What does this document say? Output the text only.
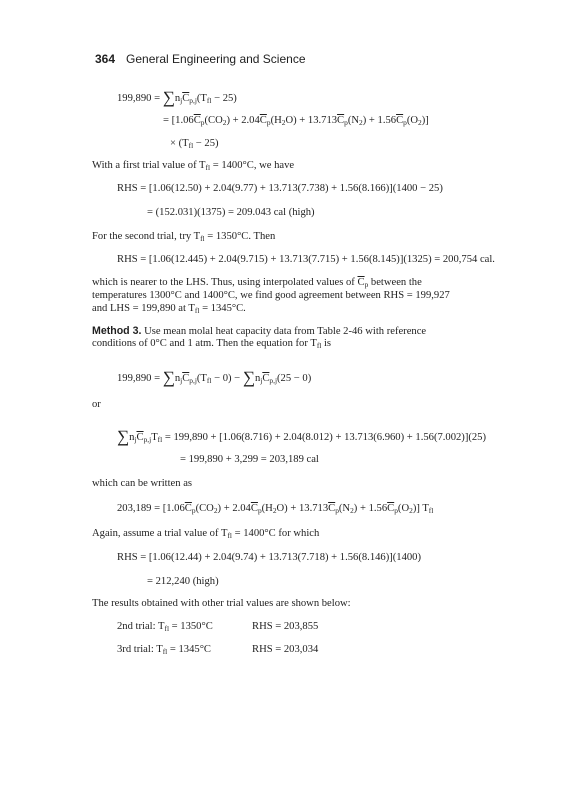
364 General Engineering and Science
$199,890 = \sum n_j\overline{C}_{p,j}(T_{fl} - 25)$
= $[1.06\overline{C}_p(CO_2) + 2.04\overline{C}_p(H_2O) + 13.713\overline{C}_p(N_2) + 1.56\overline{C}_p(O_2)]$
× $(T_{fl} - 25)$
With a first trial value of $T_{fl} = 1400^\circ C$, we have
RHS = [1.06(12.50) + 2.04(9.77) + 13.713(7.738) + 1.56(8.166)](1400 − 25)
= (152.031)(1375) = 209.043 cal (high)
For the second trial, try $T_{fl} = 1350^\circ C$. Then
RHS = [1.06(12.445) + 2.04(9.715) + 13.713(7.715) + 1.56(8.145)](1325) = 200,754 cal.
which is nearer to the LHS. Thus, using interpolated values of $\overline{C}_p$ between the
temperatures 1300°C and 1400°C, we find good agreement between RHS = 199,927
and LHS = 199,890 at $T_{fl} = 1345^\circ C$.
Method 3. Use mean molal heat capacity data from Table 2-46 with reference
conditions of 0°C and 1 atm. Then the equation for $T_{fl}$ is
$199,890 = \sum n_j\overline{C}_{p,j}(T_{fl} - 0) - \sum n_j\overline{C}_{p,j}(25 - 0)$
or
$\sum n_j\overline{C}_{p,j}T_{fl} = 199,890 + [1.06(8.716) + 2.04(8.012) + 13.713(6.960) + 1.56(7.002)](25)$
= 199,890 + 3,299 = 203,189 cal
which can be written as
$203,189 = [1.06\overline{C}_p(CO_2) + 2.04\overline{C}_p(H_2O) + 13.713\overline{C}_p(N_2) + 1.56\overline{C}_p(O_2)]$ $T_{fl}$
Again, assume a trial value of $T_{fl} = 1400^\circ C$ for which
RHS = [1.06(12.44) + 2.04(9.74) + 13.713(7.718) + 1.56(8.146)](1400)
= 212,240 (high)
The results obtained with other trial values are shown below:
2nd trial: $T_{fl} = 1350^\circ C$	RHS = 203,855
3rd trial: $T_{fl} = 1345^\circ C$	RHS = 203,034
